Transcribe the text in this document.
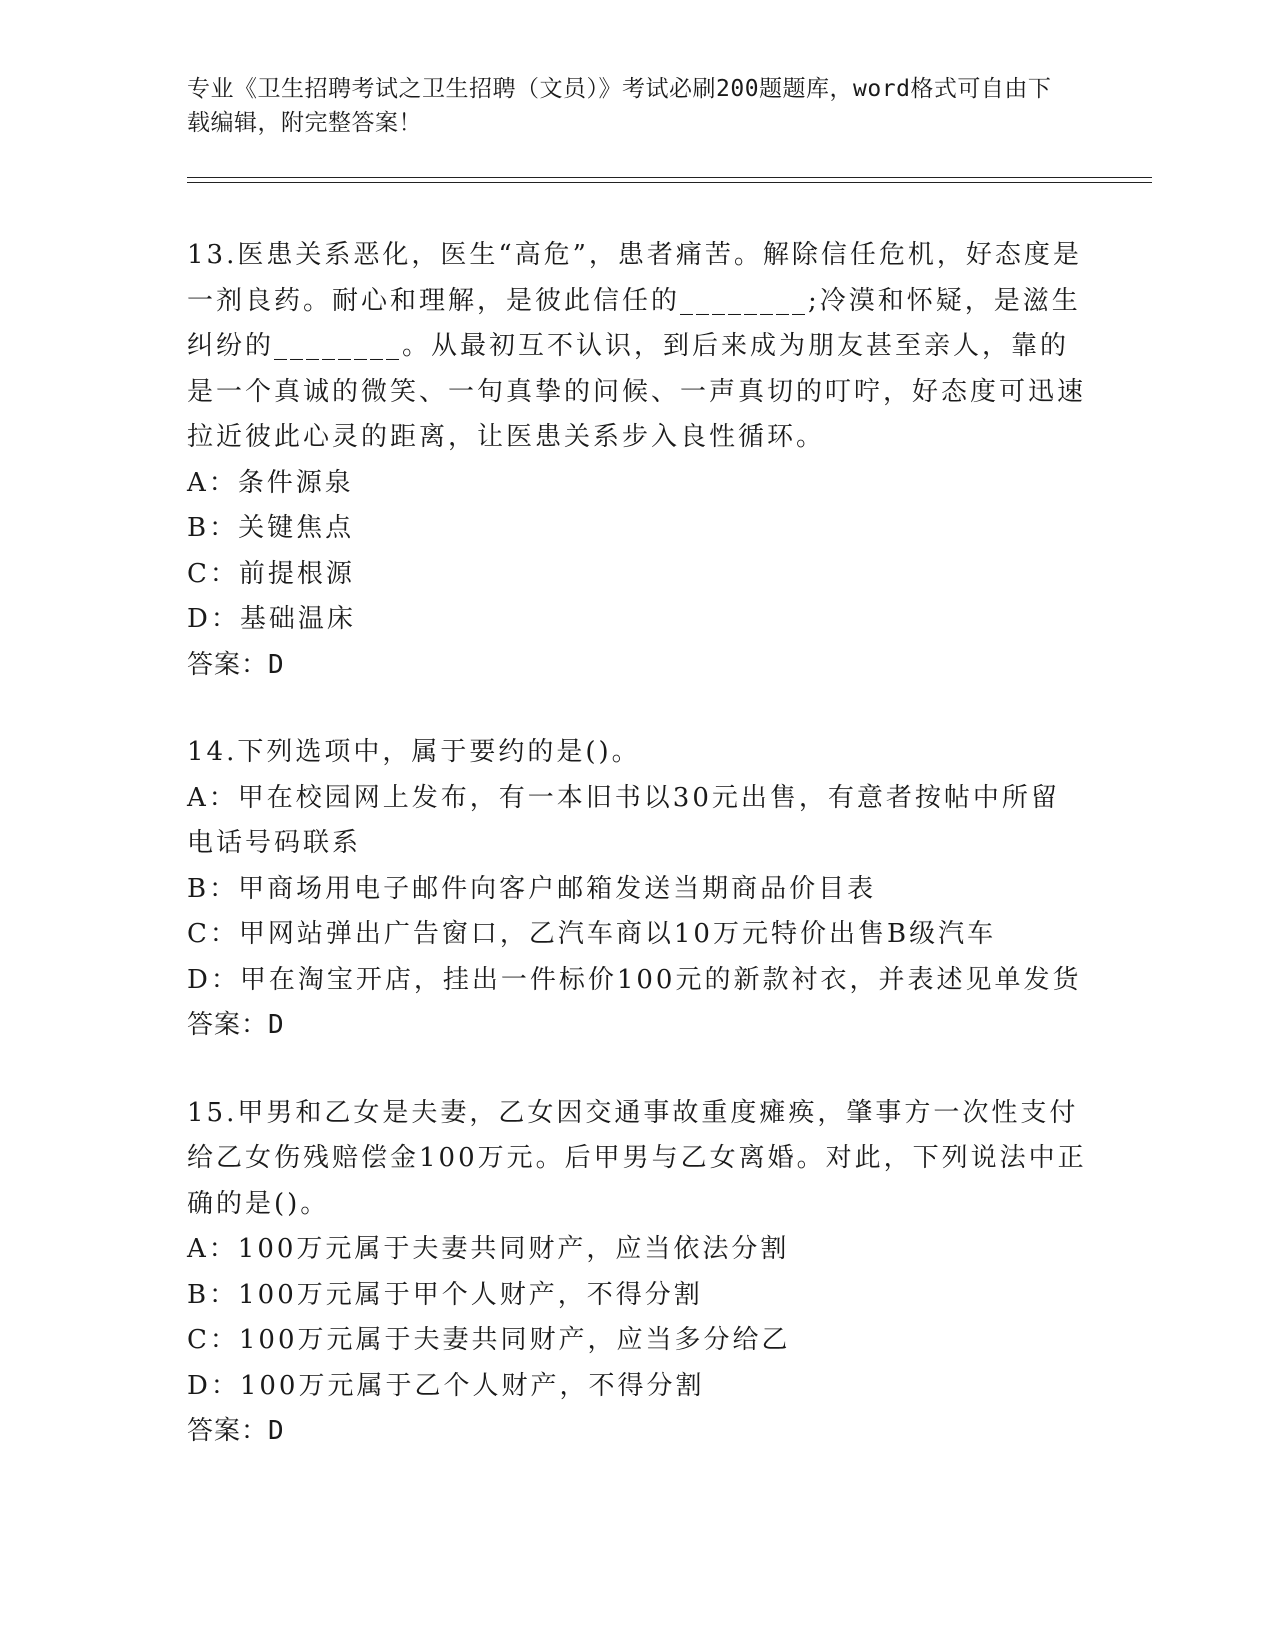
专业《卫生招聘考试之卫生招聘（文员）》考试必刷200题题库，word格式可自由下载编辑，附完整答案！

13.医患关系恶化，医生“高危”，患者痛苦。解除信任危机，好态度是一剂良药。耐心和理解，是彼此信任的________;冷漠和怀疑，是滋生纠纷的________。从最初互不认识，到后来成为朋友甚至亲人，靠的是一个真诚的微笑、一句真挚的问候、一声真切的叮咛，好态度可迅速拉近彼此心灵的距离，让医患关系步入良性循环。

A：条件源泉

B：关键焦点

C：前提根源

D：基础温床

答案：D

14.下列选项中，属于要约的是()。

A：甲在校园网上发布，有一本旧书以30元出售，有意者按帖中所留电话号码联系

B：甲商场用电子邮件向客户邮箱发送当期商品价目表

C：甲网站弹出广告窗口，乙汽车商以10万元特价出售B级汽车

D：甲在淘宝开店，挂出一件标价100元的新款衬衣，并表述见单发货

答案：D

15.甲男和乙女是夫妻，乙女因交通事故重度瘫痪，肇事方一次性支付给乙女伤残赔偿金100万元。后甲男与乙女离婚。对此，下列说法中正确的是()。

A：100万元属于夫妻共同财产，应当依法分割

B：100万元属于甲个人财产，不得分割

C：100万元属于夫妻共同财产，应当多分给乙

D：100万元属于乙个人财产，不得分割

答案：D
